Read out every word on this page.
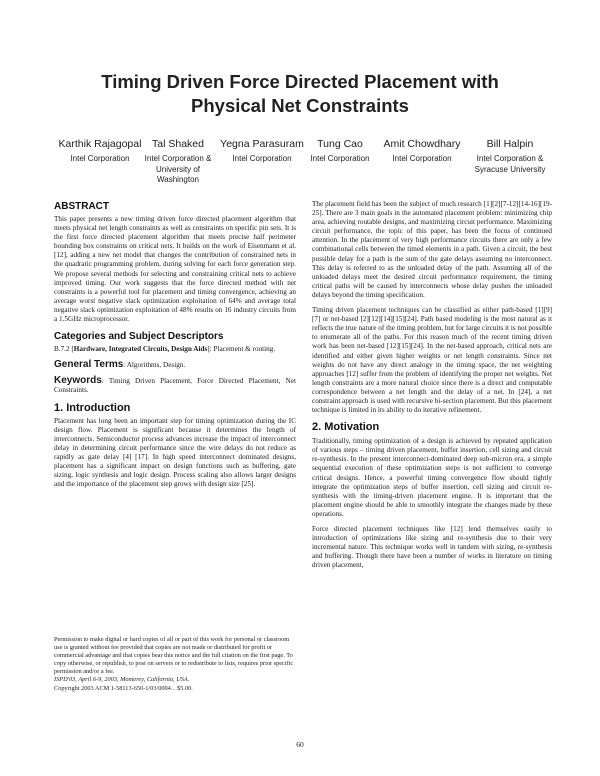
Timing Driven Force Directed Placement with
Physical Net Constraints
Karthik Rajagopal
Intel Corporation
Tal Shaked
Intel Corporation & University of Washington
Yegna Parasuram
Intel Corporation
Tung Cao
Intel Corporation
Amit Chowdhary
Intel Corporation
Bill Halpin
Intel Corporation & Syracuse University
ABSTRACT
This paper presents a new timing driven force directed placement algorithm that meets physical net length constraints as well as constraints on specific pin sets. It is the first force directed placement algorithm that meets precise half perimeter bounding box constraints on critical nets. It builds on the work of Eisenmann et al. [12], adding a new net model that changes the contribution of constrained nets in the quadratic programming problem, during solving for each force generation step. We propose several methods for selecting and constraining critical nets to achieve improved timing. Our work suggests that the force directed method with net constraints is a powerful tool for placement and timing convergence, achieving an average worst negative slack optimization exploitation of 64% and average total negative slack optimization exploitation of 48% results on 16 industry circuits from a 1.5GHz microprocessor.
Categories and Subject Descriptors
B.7.2 [Hardware, Integrated Circuits, Design Aids]: Placement & routing.
General Terms: Algorithms, Design.
Keywords: Timing Driven Placement, Force Directed Placement, Net Constraints.
1. Introduction
Placement has long been an important step for timing optimization during the IC design flow. Placement is significant because it determines the length of interconnects. Semiconductor process advances increase the impact of interconnect delay in determining circuit performance since the wire delays do not reduce as rapidly as gate delay [4] [17]. In high speed interconnect dominated designs, placement has a significant impact on design functions such as buffering, gate sizing, logic synthesis and logic design. Process scaling also allows larger designs and the importance of the placement step grows with design size [25].
Permission to make digital or hard copies of all or part of this work for personal or classroom use is granted without fee provided that copies are not made or distributed for profit or commercial advantage and that copies bear this notice and the full citation on the first page. To copy otherwise, or republish, to post on servers or to redistribute to lists, requires prior specific permission and/or a fee.
ISPD'03, April 6-9, 2003, Monterey, California, USA.
Copyright 2003 ACM 1-58113-650-1/03/0004…$5.00.
The placement field has been the subject of much research [1][2][7-12][14-16][19-25]. There are 3 main goals in the automated placement problem: minimizing chip area, achieving routable designs, and maximizing circuit performance. Maximizing circuit performance, the topic of this paper, has been the focus of continued attention. In the placement of very high performance circuits there are only a few combinational cells between the timed elements in a path. Given a circuit, the best possible delay for a path is the sum of the gate delays assuming no interconnect. This delay is referred to as the unloaded delay of the path. Assuming all of the unloaded delays meet the desired circuit performance requirement, the timing critical paths will be caused by interconnects whose delay pushes the unloaded delays beyond the timing specification.
Timing driven placement techniques can be classified as either path-based [1][9][7] or net-based [2][12][14][15][24]. Path based modeling is the most natural as it reflects the true nature of the timing problem, but for large circuits it is not possible to enumerate all of the paths. For this reason much of the recent timing driven work has been net-based [12][15][24]. In the net-based approach, critical nets are identified and either given higher weights or net length constraints. Since net weights do not have any direct analogy in the timing space, the net weighting approaches [12] suffer from the problem of identifying the proper net weights. Net length constraints are a more natural choice since there is a direct and computable correspondence between a net length and the delay of a net. In [24], a net constraint approach is used with recursive bi-section placement. But this placement technique is limited in its ability to do iterative refinement.
2. Motivation
Traditionally, timing optimization of a design is achieved by repeated application of various steps – timing driven placement, buffer insertion, cell sizing and circuit re-synthesis. In the present interconnect-dominated deep sub-micron era, a simple sequential execution of these optimization steps is not sufficient to converge critical designs. Hence, a powerful timing convergence flow should tightly integrate the optimization steps of buffer insertion, cell sizing and circuit re-synthesis with the timing-driven placement engine. It is important that the placement engine should be able to smoothly integrate the changes made by these operations.
Force directed placement techniques like [12] lend themselves easily to introduction of optimizations like sizing and re-synthesis due to their very incremental nature. This technique works well in tandem with sizing, re-synthesis and buffering. Though there have been a number of works in literature on timing driven placement,
60
